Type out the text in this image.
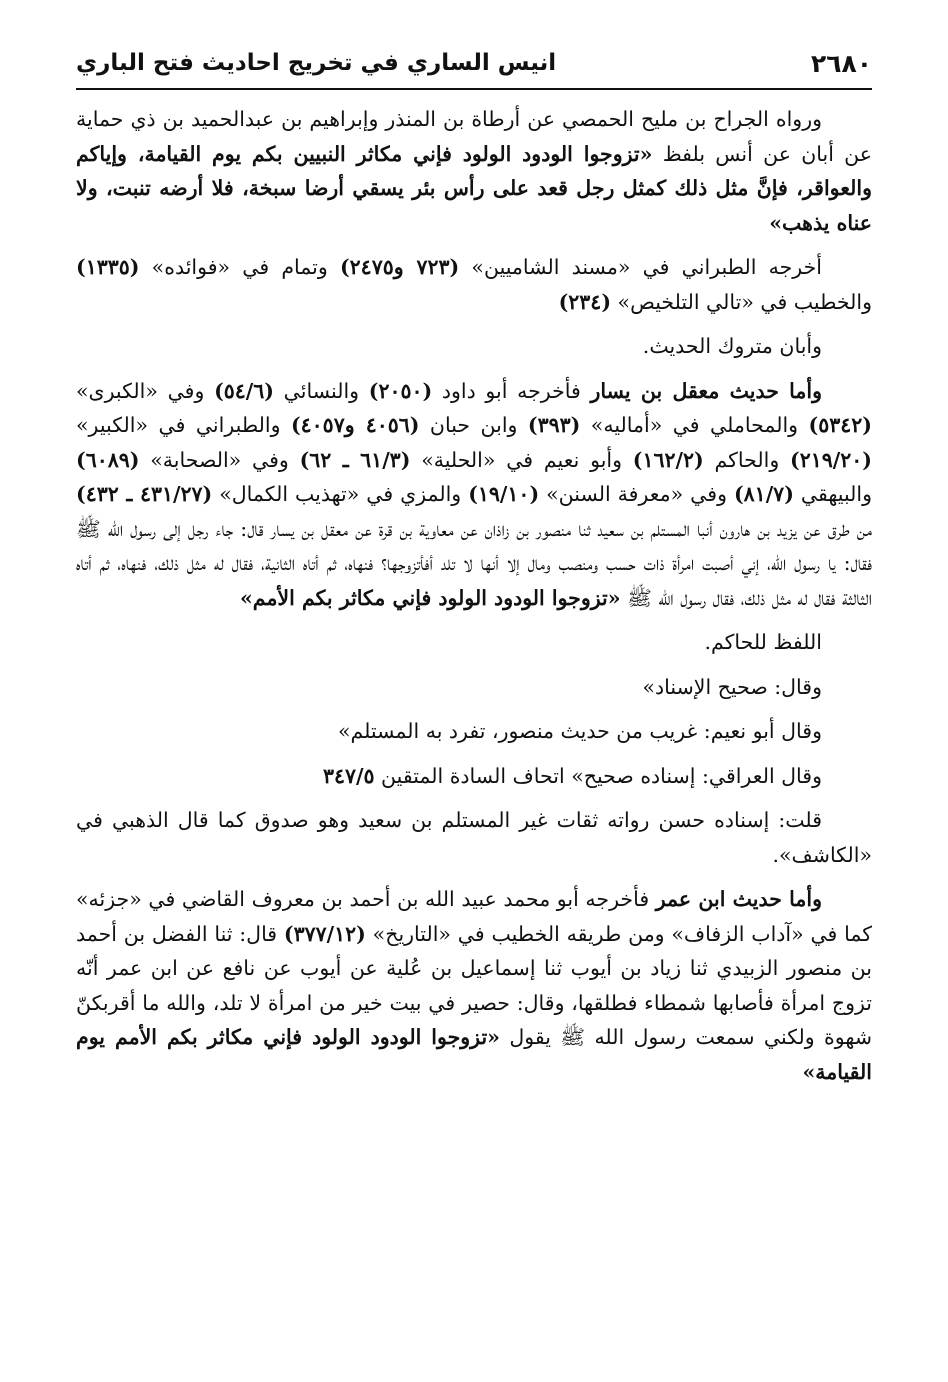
٢٦٨٠
انيس الساري في تخريج احاديث فتح الباري

ورواه الجراح بن مليح الحمصي عن أرطاة بن المنذر وإبراهيم بن عبدالحميد بن ذي حماية عن أبان عن أنس بلفظ «تزوجوا الودود الولود فإني مكاثر النبيين بكم يوم القيامة، وإياكم والعواقر، فإنَّ مثل ذلك كمثل رجل قعد على رأس بئر يسقي أرضا سبخة، فلا أرضه تنبت، ولا عناه يذهب»

أخرجه الطبراني في «مسند الشاميين» (٧٢٣ و٢٤٧٥) وتمام في «فوائده» (١٣٣٥) والخطيب في «تالي التلخيص» (٢٣٤)

وأبان متروك الحديث.

وأما حديث معقل بن يسار فأخرجه أبو داود (٢٠٥٠) والنسائي (٥٤/٦) وفي «الكبرى» (٥٣٤٢) والمحاملي في «أماليه» (٣٩٣) وابن حبان (٤٠٥٦ و٤٠٥٧) والطبراني في «الكبير» (٢١٩/٢٠) والحاكم (١٦٢/٢) وأبو نعيم في «الحلية» (٦١/٣ ـ ٦٢) وفي «الصحابة» (٦٠٨٩) والبيهقي (٨١/٧) وفي «معرفة السنن» (١٩/١٠) والمزي في «تهذيب الكمال» (٤٣١/٢٧ ـ ٤٣٢) من طرق عن يزيد بن هارون أنبا المستلم بن سعيد ثنا منصور بن زاذان عن معاوية بن قرة عن معقل بن يسار قال: جاء رجل إلى رسول الله ﷺ فقال: يا رسول الله، إني أصبت امرأة ذات حسب ومنصب ومال إلا أنها لا تلد أفأتزوجها؟ فنهاه، ثم أتاه الثانية، فقال له مثل ذلك، فنهاه، ثم أتاه الثالثة فقال له مثل ذلك، فقال رسول الله ﷺ «تزوجوا الودود الولود فإني مكاثر بكم الأمم»

اللفظ للحاكم.

وقال: صحيح الإسناد»

وقال أبو نعيم: غريب من حديث منصور، تفرد به المستلم»

وقال العراقي: إسناده صحيح» اتحاف السادة المتقين ٣٤٧/٥

قلت: إسناده حسن رواته ثقات غير المستلم بن سعيد وهو صدوق كما قال الذهبي في «الكاشف».

وأما حديث ابن عمر فأخرجه أبو محمد عبيد الله بن أحمد بن معروف القاضي في «جزئه» كما في «آداب الزفاف» ومن طريقه الخطيب في «التاريخ» (٣٧٧/١٢) قال: ثنا الفضل بن أحمد بن منصور الزبيدي ثنا زياد بن أيوب ثنا إسماعيل بن عُلية عن أيوب عن نافع عن ابن عمر أنّه تزوج امرأة فأصابها شمطاء فطلقها، وقال: حصير في بيت خير من امرأة لا تلد، والله ما أقربكنّ شهوة ولكني سمعت رسول الله ﷺ يقول «تزوجوا الودود الولود فإني مكاثر بكم الأمم يوم القيامة»
